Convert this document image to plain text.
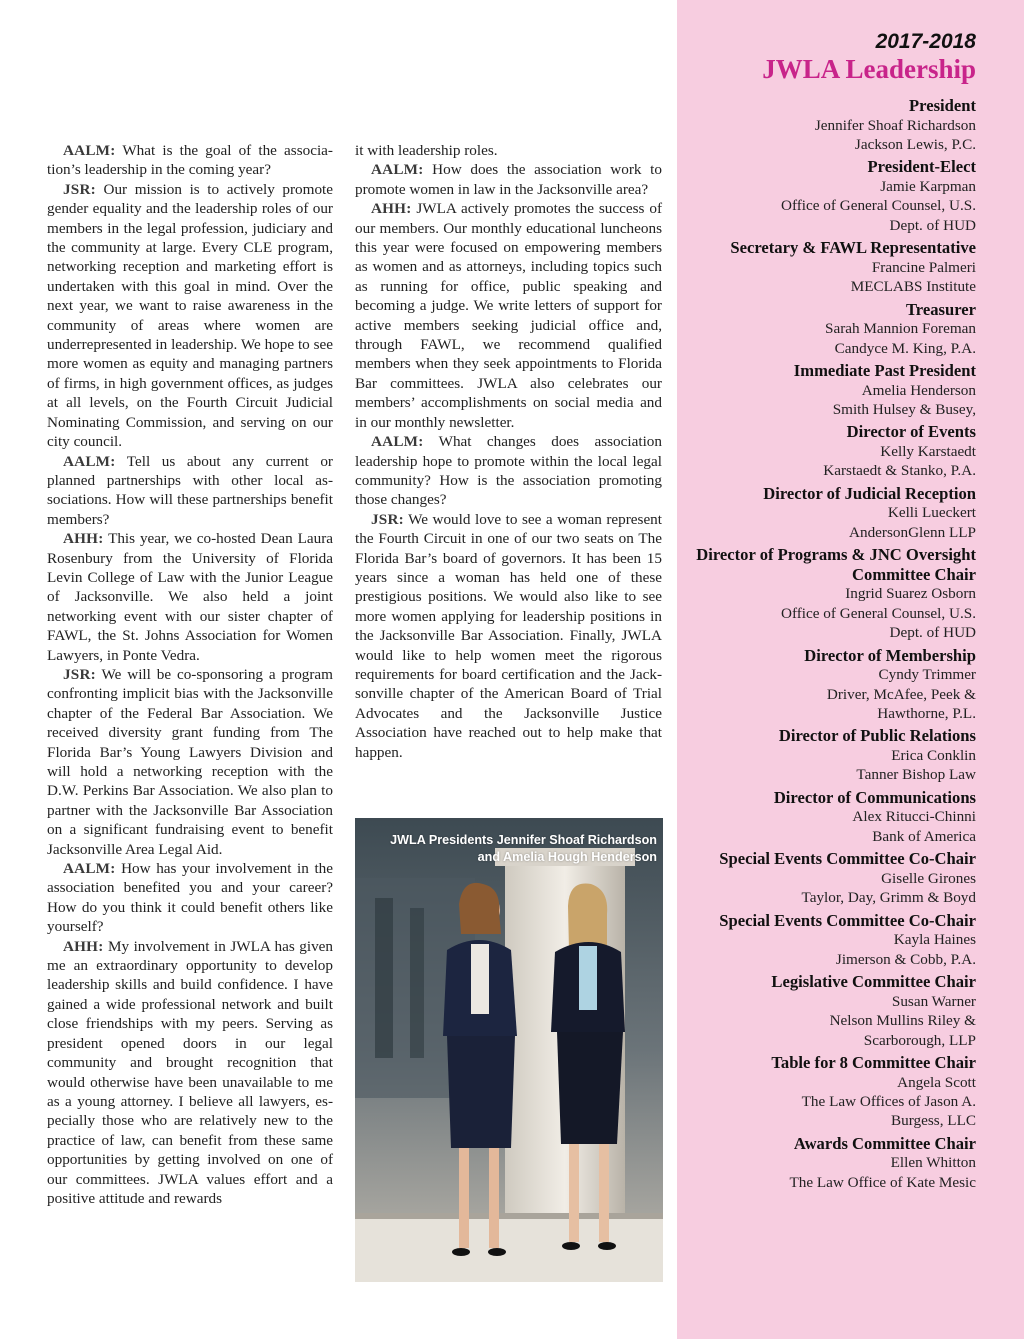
AALM: What is the goal of the association’s leadership in the coming year?

JSR: Our mission is to actively promote gender equality and the leadership roles of our members in the legal profession, judiciary and the community at large. Every CLE program, networking reception and marketing effort is undertaken with this goal in mind. Over the next year, we want to raise awareness in the community of areas where women are underrepresented in leadership. We hope to see more women as equity and managing partners of firms, in high government offices, as judges at all levels, on the Fourth Circuit Judicial Nominating Commission, and serving on our city council.

AALM: Tell us about any current or planned partnerships with other local associations. How will these partnerships benefit members?

AHH: This year, we co-hosted Dean Laura Rosenbury from the University of Florida Levin College of Law with the Junior League of Jacksonville. We also held a joint networking event with our sister chapter of FAWL, the St. Johns Association for Women Lawyers, in Ponte Vedra.

JSR: We will be co-sponsoring a program confronting implicit bias with the Jacksonville chapter of the Federal Bar Association. We received diversity grant funding from The Florida Bar’s Young Lawyers Division and will hold a networking reception with the D.W. Perkins Bar Association. We also plan to partner with the Jacksonville Bar Association on a significant fundraising event to benefit Jacksonville Area Legal Aid.

AALM: How has your involvement in the association benefited you and your career? How do you think it could benefit others like yourself?

AHH: My involvement in JWLA has given me an extraordinary opportunity to develop leadership skills and build confidence. I have gained a wide professional network and built close friendships with my peers. Serving as president opened doors in our legal community and brought recognition that would otherwise have been unavailable to me as a young attorney. I believe all lawyers, especially those who are relatively new to the practice of law, can benefit from these same opportunities by getting involved on one of our committees. JWLA values effort and a positive attitude and rewards

it with leadership roles.

AALM: How does the association work to promote women in law in the Jacksonville area?

AHH: JWLA actively promotes the success of our members. Our monthly educational luncheons this year were focused on empowering members as women and as attorneys, including topics such as running for office, public speaking and becoming a judge. We write letters of support for active members seeking judicial office and, through FAWL, we recommend qualified members when they seek appointments to Florida Bar committees. JWLA also celebrates our members’ accomplishments on social media and in our monthly newsletter.

AALM: What changes does association leadership hope to promote within the local legal community? How is the association promoting those changes?

JSR: We would love to see a woman represent the Fourth Circuit in one of our two seats on The Florida Bar’s board of governors. It has been 15 years since a woman has held one of these prestigious positions. We would also like to see more women applying for leadership positions in the Jacksonville Bar Association. Finally, JWLA would like to help women meet the rigorous requirements for board certification and the Jacksonville chapter of the American Board of Trial Advocates and the Jacksonville Justice Association have reached out to help make that happen.

JWLA Presidents Jennifer Shoaf Richardson
and Amelia Hough Henderson
2017-2018
JWLA Leadership

President

Jennifer Shoaf Richardson

Jackson Lewis, P.C.

President-Elect

Jamie Karpman

Office of General Counsel, U.S.

Dept. of HUD

Secretary & FAWL Representative

Francine Palmeri

MECLABS Institute

Treasurer

Sarah Mannion Foreman

Candyce M. King, P.A.

Immediate Past President

Amelia Henderson

Smith Hulsey & Busey,

Director of Events

Kelly Karstaedt

Karstaedt & Stanko, P.A.

Director of Judicial Reception

Kelli Lueckert

AndersonGlenn LLP

Director of Programs & JNC Oversight Committee Chair

Ingrid Suarez Osborn

Office of General Counsel, U.S.

Dept. of HUD

Director of Membership

Cyndy Trimmer

Driver, McAfee, Peek &

Hawthorne, P.L.

Director of Public Relations

Erica Conklin

Tanner Bishop Law

Director of Communications

Alex Ritucci-Chinni

Bank of America

Special Events Committee Co-Chair

Giselle Girones

Taylor, Day, Grimm & Boyd

Special Events Committee Co-Chair

Kayla Haines

Jimerson & Cobb, P.A.

Legislative Committee Chair

Susan Warner

Nelson Mullins Riley &

Scarborough, LLP

Table for 8 Committee Chair

Angela Scott

The Law Offices of Jason A.

Burgess, LLC

Awards Committee Chair

Ellen Whitton

The Law Office of Kate Mesic
